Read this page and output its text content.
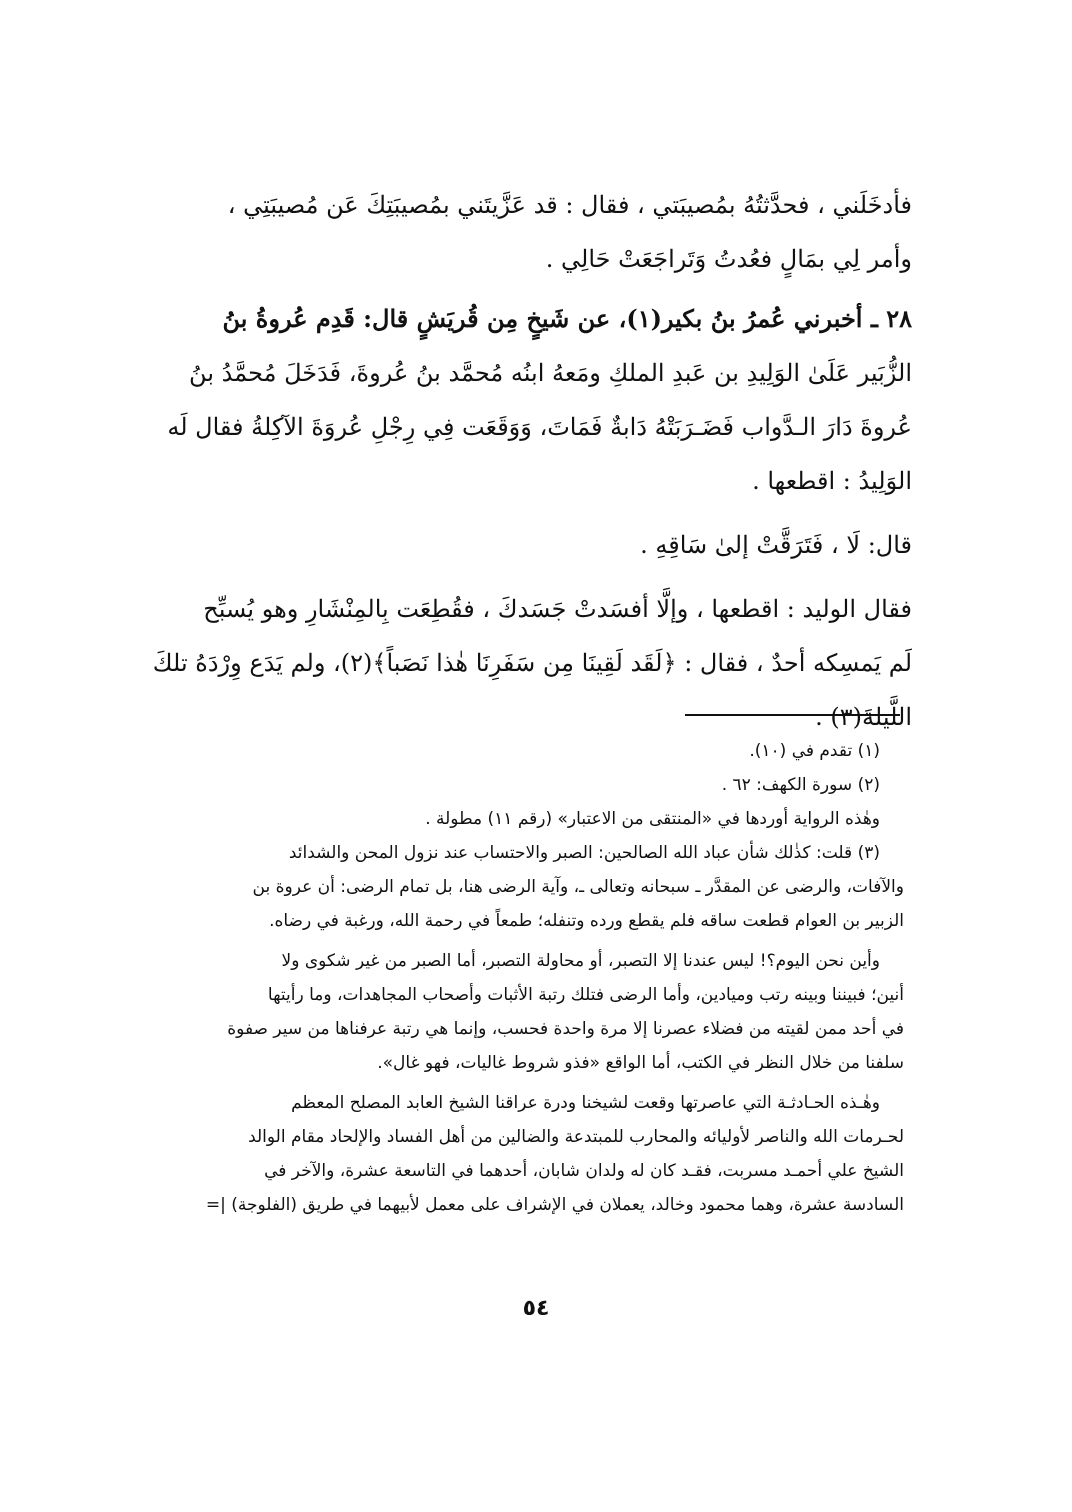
فأدخَلَني ، فحدَّثتُهُ بمُصيبَتي ، فقال : قد عَزَّيتَني بمُصيبَتِكَ عَن مُصيبَتِي ،
وأمر لِي بمَالٍ فعُدتُ وَتَراجَعَتْ حَالِي .
٢٨ ـ أخبرني عُمرُ بنُ بكير(١)، عن شَيخٍ مِن قُريَشٍ قال: قَدِم عُروةُ بنُ
الزُّبَير عَلَىٰ الوَلِيدِ بن عَبدِ الملكِ ومَعهُ ابنُه مُحمَّد بنُ عُروةَ، فَدَخَلَ مُحمَّدُ بنُ
عُروةَ دَارَ الـدَّواب فَضَـرَبَتْهُ دَابةٌ فَمَاتَ، وَوَقَعَت فِي رِجْلِ عُروَةَ الآكِلةُ فقال لَه
الوَلِيدُ : اقطعها .
قال: لَا ، فَتَرَقَّتْ إلىٰ سَاقِهِ .
فقال الوليد : اقطعها ، وإلَّا أفسَدتْ جَسَدكَ ، فقُطِعَت بِالمِنْشَارِ وهو يُسبِّح
لَم يَمسِكه أحدٌ ، فقال : ﴿لَقَد لَقِينَا مِن سَفَرِنَا هٰذا نَصَباً﴾(٢)، ولم يَدَع وِرْدَهُ تلكَ
اللَّيلةَ(٣) .
(١) تقدم في (١٠).
(٢) سورة الكهف: ٦٢ .
وهٰذه الرواية أوردها في «المنتقى من الاعتبار» (رقم ١١) مطولة .
(٣) قلت: كذٰلك شأن عباد الله الصالحين: الصبر والاحتساب عند نزول المحن والشدائد
والآفات، والرضى عن المقدَّر ـ سبحانه وتعالى ـ، وآية الرضى هنا، بل تمام الرضى: أن عروة بن
الزبير بن العوام قطعت ساقه فلم يقطع ورده وتنفله؛ طمعاً في رحمة الله، ورغبة في رضاه.
وأين نحن اليوم؟! ليس عندنا إلا التصبر، أو محاولة التصبر، أما الصبر من غير شكوى ولا
أنين؛ فبيننا وبينه رتب وميادين، وأما الرضى فتلك رتبة الأثبات وأصحاب المجاهدات، وما رأيتها
في أحد ممن لقيته من فضلاء عصرنا إلا مرة واحدة فحسب، وإنما هي رتبة عرفناها من سير صفوة
سلفنا من خلال النظر في الكتب، أما الواقع «فذو شروط غاليات، فهو غال».
وهٰـذه الحـادثـة التي عاصرتها وقعت لشيخنا ودرة عراقنا الشيخ العابد المصلح المعظم
لحـرمات الله والناصر لأوليائه والمحارب للمبتدعة والضالين من أهل الفساد والإلحاد مقام الوالد
الشيخ علي أحمـد مسربت، فقـد كان له ولدان شابان، أحدهما في التاسعة عشرة، والآخر في
السادسة عشرة، وهما محمود وخالد، يعملان في الإشراف على معمل لأبيهما في طريق (الفلوجة) |=
٥٤
